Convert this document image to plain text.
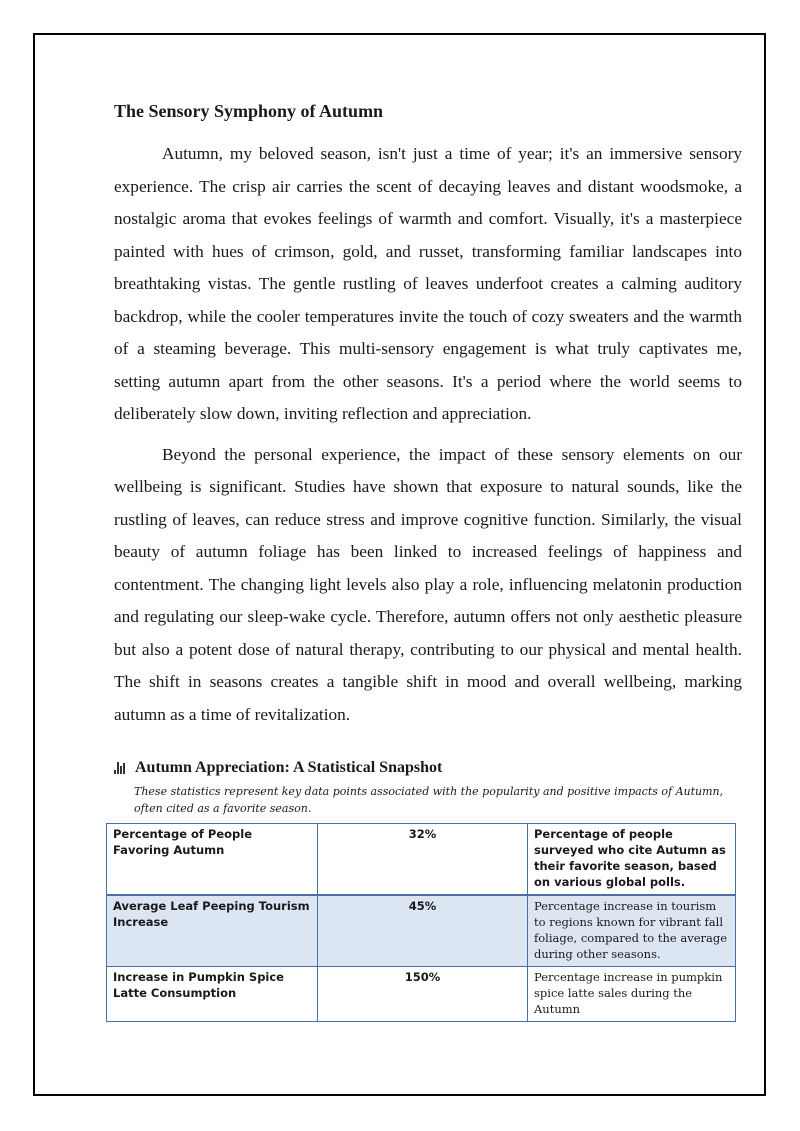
The Sensory Symphony of Autumn

Autumn, my beloved season, isn't just a time of year; it's an immersive sensory experience. The crisp air carries the scent of decaying leaves and distant woodsmoke, a nostalgic aroma that evokes feelings of warmth and comfort. Visually, it's a masterpiece painted with hues of crimson, gold, and russet, transforming familiar landscapes into breathtaking vistas. The gentle rustling of leaves underfoot creates a calming auditory backdrop, while the cooler temperatures invite the touch of cozy sweaters and the warmth of a steaming beverage. This multi-sensory engagement is what truly captivates me, setting autumn apart from the other seasons. It's a period where the world seems to deliberately slow down, inviting reflection and appreciation.

Beyond the personal experience, the impact of these sensory elements on our wellbeing is significant. Studies have shown that exposure to natural sounds, like the rustling of leaves, can reduce stress and improve cognitive function. Similarly, the visual beauty of autumn foliage has been linked to increased feelings of happiness and contentment. The changing light levels also play a role, influencing melatonin production and regulating our sleep-wake cycle. Therefore, autumn offers not only aesthetic pleasure but also a potent dose of natural therapy, contributing to our physical and mental health. The shift in seasons creates a tangible shift in mood and overall wellbeing, marking autumn as a time of revitalization.

Autumn Appreciation: A Statistical Snapshot
These statistics represent key data points associated with the popularity and positive impacts of Autumn, often cited as a favorite season.
Percentage of People Favoring Autumn	32%	Percentage of people surveyed who cite Autumn as their favorite season, based on various global polls.
Average Leaf Peeping Tourism Increase	45%	Percentage increase in tourism to regions known for vibrant fall foliage, compared to the average during other seasons.
Increase in Pumpkin Spice Latte Consumption	150%	Percentage increase in pumpkin spice latte sales during the Autumn
